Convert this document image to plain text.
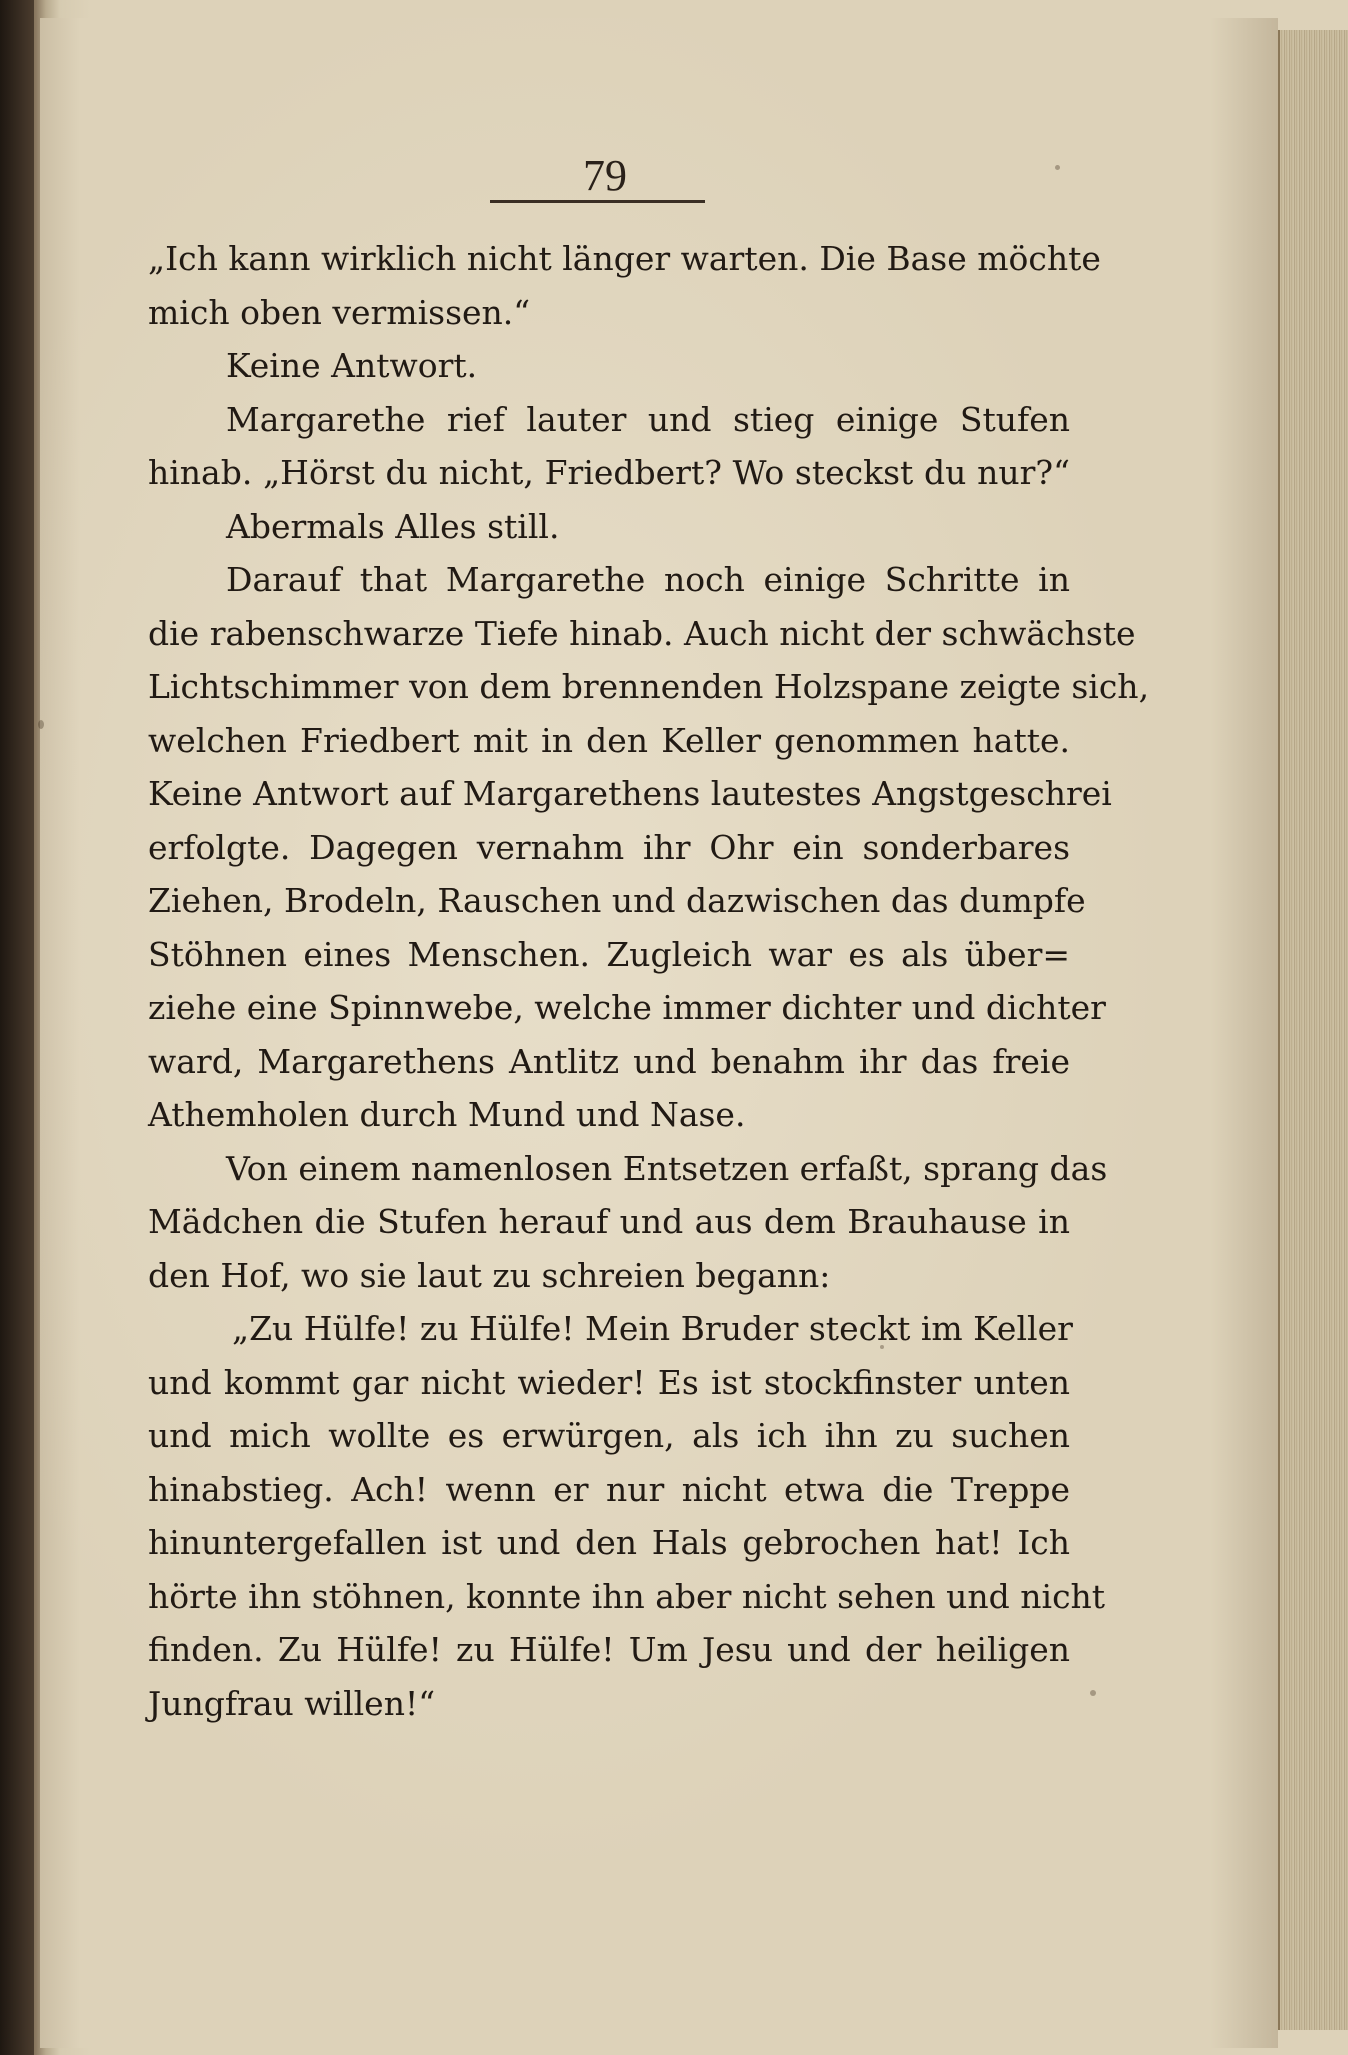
79
„Ich kann wirklich nicht länger warten. Die Base möchte
mich oben vermissen.“
Keine Antwort.
Margarethe rief lauter und stieg einige Stufen
hinab. „Hörst du nicht, Friedbert? Wo steckst du nur?“
Abermals Alles still.
Darauf that Margarethe noch einige Schritte in
die rabenschwarze Tiefe hinab. Auch nicht der schwächste
Lichtschimmer von dem brennenden Holzspane zeigte sich,
welchen Friedbert mit in den Keller genommen hatte.
Keine Antwort auf Margarethens lautestes Angstgeschrei
erfolgte. Dagegen vernahm ihr Ohr ein sonderbares
Ziehen, Brodeln, Rauschen und dazwischen das dumpfe
Stöhnen eines Menschen. Zugleich war es als über=
ziehe eine Spinnwebe, welche immer dichter und dichter
ward, Margarethens Antlitz und benahm ihr das freie
Athemholen durch Mund und Nase.
Von einem namenlosen Entsetzen erfaßt, sprang das
Mädchen die Stufen herauf und aus dem Brauhause in
den Hof, wo sie laut zu schreien begann:
„Zu Hülfe! zu Hülfe! Mein Bruder steckt im Keller
und kommt gar nicht wieder! Es ist stockfinster unten
und mich wollte es erwürgen, als ich ihn zu suchen
hinabstieg. Ach! wenn er nur nicht etwa die Treppe
hinuntergefallen ist und den Hals gebrochen hat! Ich
hörte ihn stöhnen, konnte ihn aber nicht sehen und nicht
finden. Zu Hülfe! zu Hülfe! Um Jesu und der heiligen
Jungfrau willen!“
